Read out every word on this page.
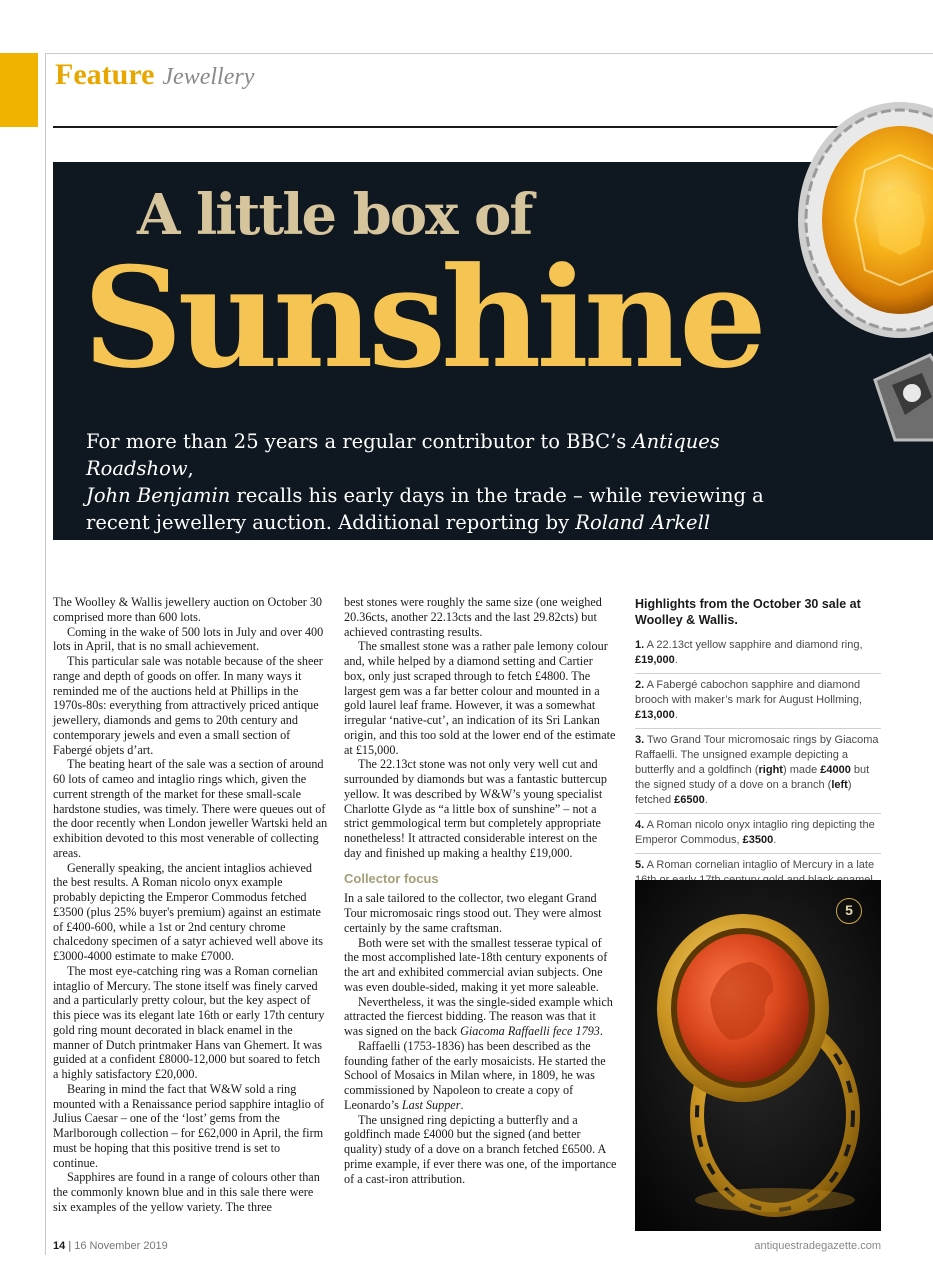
Feature Jewellery
A little box of
Sunshine
For more than 25 years a regular contributor to BBC’s Antiques Roadshow,
John Benjamin recalls his early days in the trade – while reviewing a recent jewellery auction. Additional reporting by Roland Arkell

The Woolley & Wallis jewellery auction on October 30 comprised more than 600 lots.

Coming in the wake of 500 lots in July and over 400 lots in April, that is no small achievement.

This particular sale was notable because of the sheer range and depth of goods on offer. In many ways it reminded me of the auctions held at Phillips in the 1970s-80s: everything from attractively priced antique jewellery, diamonds and gems to 20th century and contemporary jewels and even a small section of Fabergé objets d’art.

The beating heart of the sale was a section of around 60 lots of cameo and intaglio rings which, given the current strength of the market for these small-scale hardstone studies, was timely. There were queues out of the door recently when London jeweller Wartski held an exhibition devoted to this most venerable of collecting areas.

Generally speaking, the ancient intaglios achieved the best results. A Roman nicolo onyx example probably depicting the Emperor Commodus fetched £3500 (plus 25% buyer's premium) against an estimate of £400-600, while a 1st or 2nd century chrome chalcedony specimen of a satyr achieved well above its £3000-4000 estimate to make £7000.

The most eye-catching ring was a Roman cornelian intaglio of Mercury. The stone itself was finely carved and a particularly pretty colour, but the key aspect of this piece was its elegant late 16th or early 17th century gold ring mount decorated in black enamel in the manner of Dutch printmaker Hans van Ghemert. It was guided at a confident £8000-12,000 but soared to fetch a highly satisfactory £20,000.

Bearing in mind the fact that W&W sold a ring mounted with a Renaissance period sapphire intaglio of Julius Caesar – one of the ‘lost’ gems from the Marlborough collection – for £62,000 in April, the firm must be hoping that this positive trend is set to continue.

Sapphires are found in a range of colours other than the commonly known blue and in this sale there were six examples of the yellow variety. The three

best stones were roughly the same size (one weighed 20.36cts, another 22.13cts and the last 29.82cts) but achieved contrasting results.

The smallest stone was a rather pale lemony colour and, while helped by a diamond setting and Cartier box, only just scraped through to fetch £4800. The largest gem was a far better colour and mounted in a gold laurel leaf frame. However, it was a somewhat irregular ‘native-cut’, an indication of its Sri Lankan origin, and this too sold at the lower end of the estimate at £15,000.

The 22.13ct stone was not only very well cut and surrounded by diamonds but was a fantastic buttercup yellow. It was described by W&W’s young specialist Charlotte Glyde as “a little box of sunshine” – not a strict gemmological term but completely appropriate nonetheless! It attracted considerable interest on the day and finished up making a healthy £19,000.

Collector focus

In a sale tailored to the collector, two elegant Grand Tour micromosaic rings stood out. They were almost certainly by the same craftsman.

Both were set with the smallest tesserae typical of the most accomplished late-18th century exponents of the art and exhibited commercial avian subjects. One was even double-sided, making it yet more saleable.

Nevertheless, it was the single-sided example which attracted the fiercest bidding. The reason was that it was signed on the back Giacoma Raffaelli fece 1793.

Raffaelli (1753-1836) has been described as the founding father of the early mosaicists. He started the School of Mosaics in Milan where, in 1809, he was commissioned by Napoleon to create a copy of Leonardo’s Last Supper.

The unsigned ring depicting a butterfly and a goldfinch made £4000 but the signed (and better quality) study of a dove on a branch fetched £6500. A prime example, if ever there was one, of the importance of a cast-iron attribution.

Highlights from the October 30 sale at Woolley & Wallis.
1. A 22.13ct yellow sapphire and diamond ring, £19,000.
2. A Fabergé cabochon sapphire and diamond brooch with maker’s mark for August Hollming, £13,000.
3. Two Grand Tour micromosaic rings by Giacoma Raffaelli. The unsigned example depicting a butterfly and a goldfinch (right) made £4000 but the signed study of a dove on a branch (left) fetched £6500.
4. A Roman nicolo onyx intaglio ring depicting the Emperor Commodus, £3500.
5. A Roman cornelian intaglio of Mercury in a late
5
14 | 16 November 2019	antiquestradegazette.com
